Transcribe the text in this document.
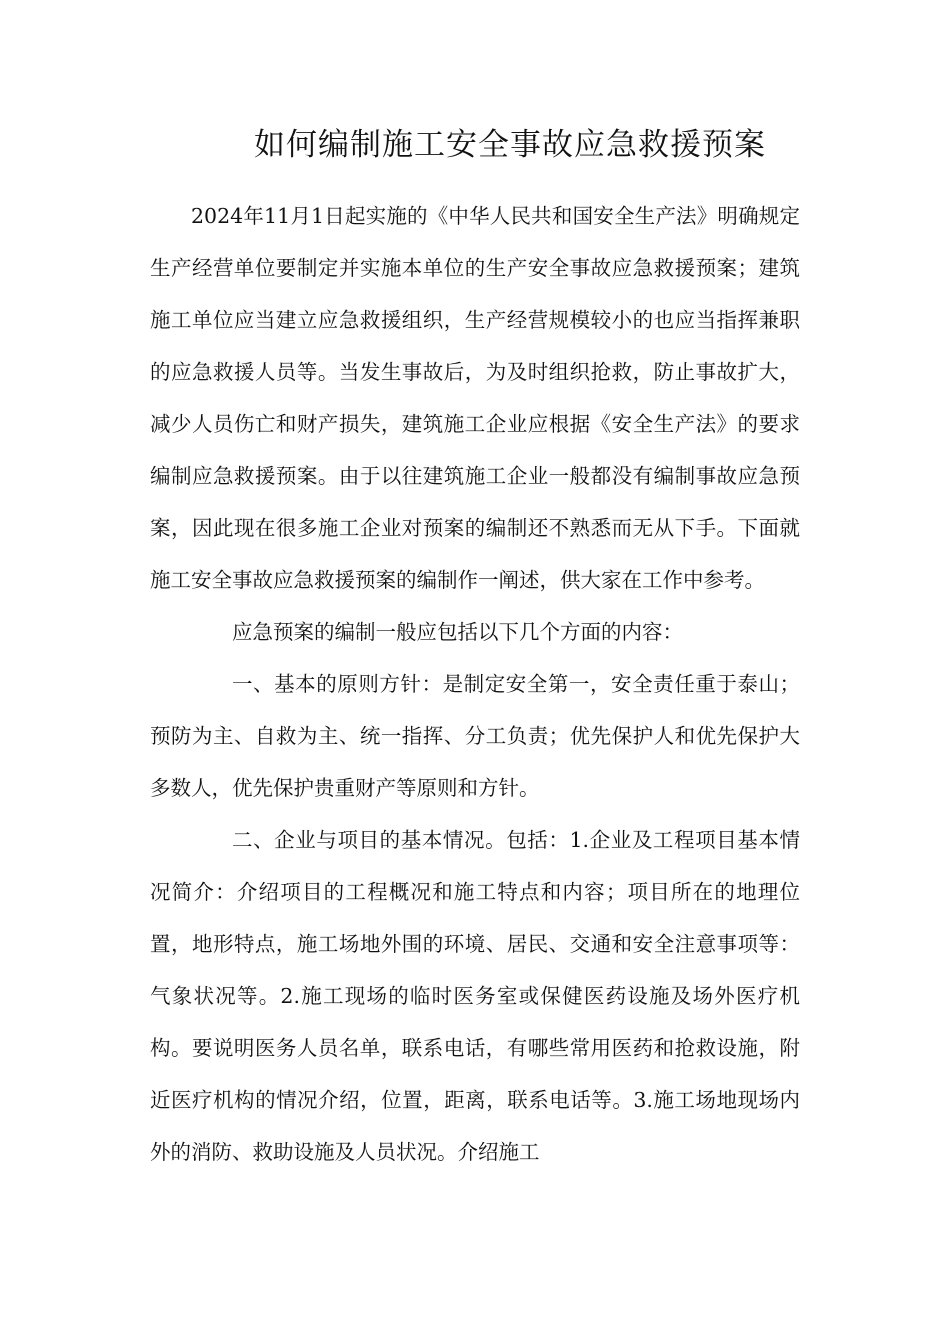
如何编制施工安全事故应急救援预案

2024年11月1日起实施的《中华人民共和国安全生产法》明确规定生产经营单位要制定并实施本单位的生产安全事故应急救援预案；建筑施工单位应当建立应急救援组织，生产经营规模较小的也应当指挥兼职的应急救援人员等。当发生事故后，为及时组织抢救，防止事故扩大，减少人员伤亡和财产损失，建筑施工企业应根据《安全生产法》的要求编制应急救援预案。由于以往建筑施工企业一般都没有编制事故应急预案，因此现在很多施工企业对预案的编制还不熟悉而无从下手。下面就施工安全事故应急救援预案的编制作一阐述，供大家在工作中参考。

应急预案的编制一般应包括以下几个方面的内容：

一、基本的原则方针：是制定安全第一，安全责任重于泰山；预防为主、自救为主、统一指挥、分工负责；优先保护人和优先保护大多数人，优先保护贵重财产等原则和方针。

二、企业与项目的基本情况。包括：1.企业及工程项目基本情况简介：介绍项目的工程概况和施工特点和内容；项目所在的地理位置，地形特点，施工场地外围的环境、居民、交通和安全注意事项等：气象状况等。2.施工现场的临时医务室或保健医药设施及场外医疗机构。要说明医务人员名单，联系电话，有哪些常用医药和抢救设施，附近医疗机构的情况介绍，位置，距离，联系电话等。3.施工场地现场内外的消防、救助设施及人员状况。介绍施工
